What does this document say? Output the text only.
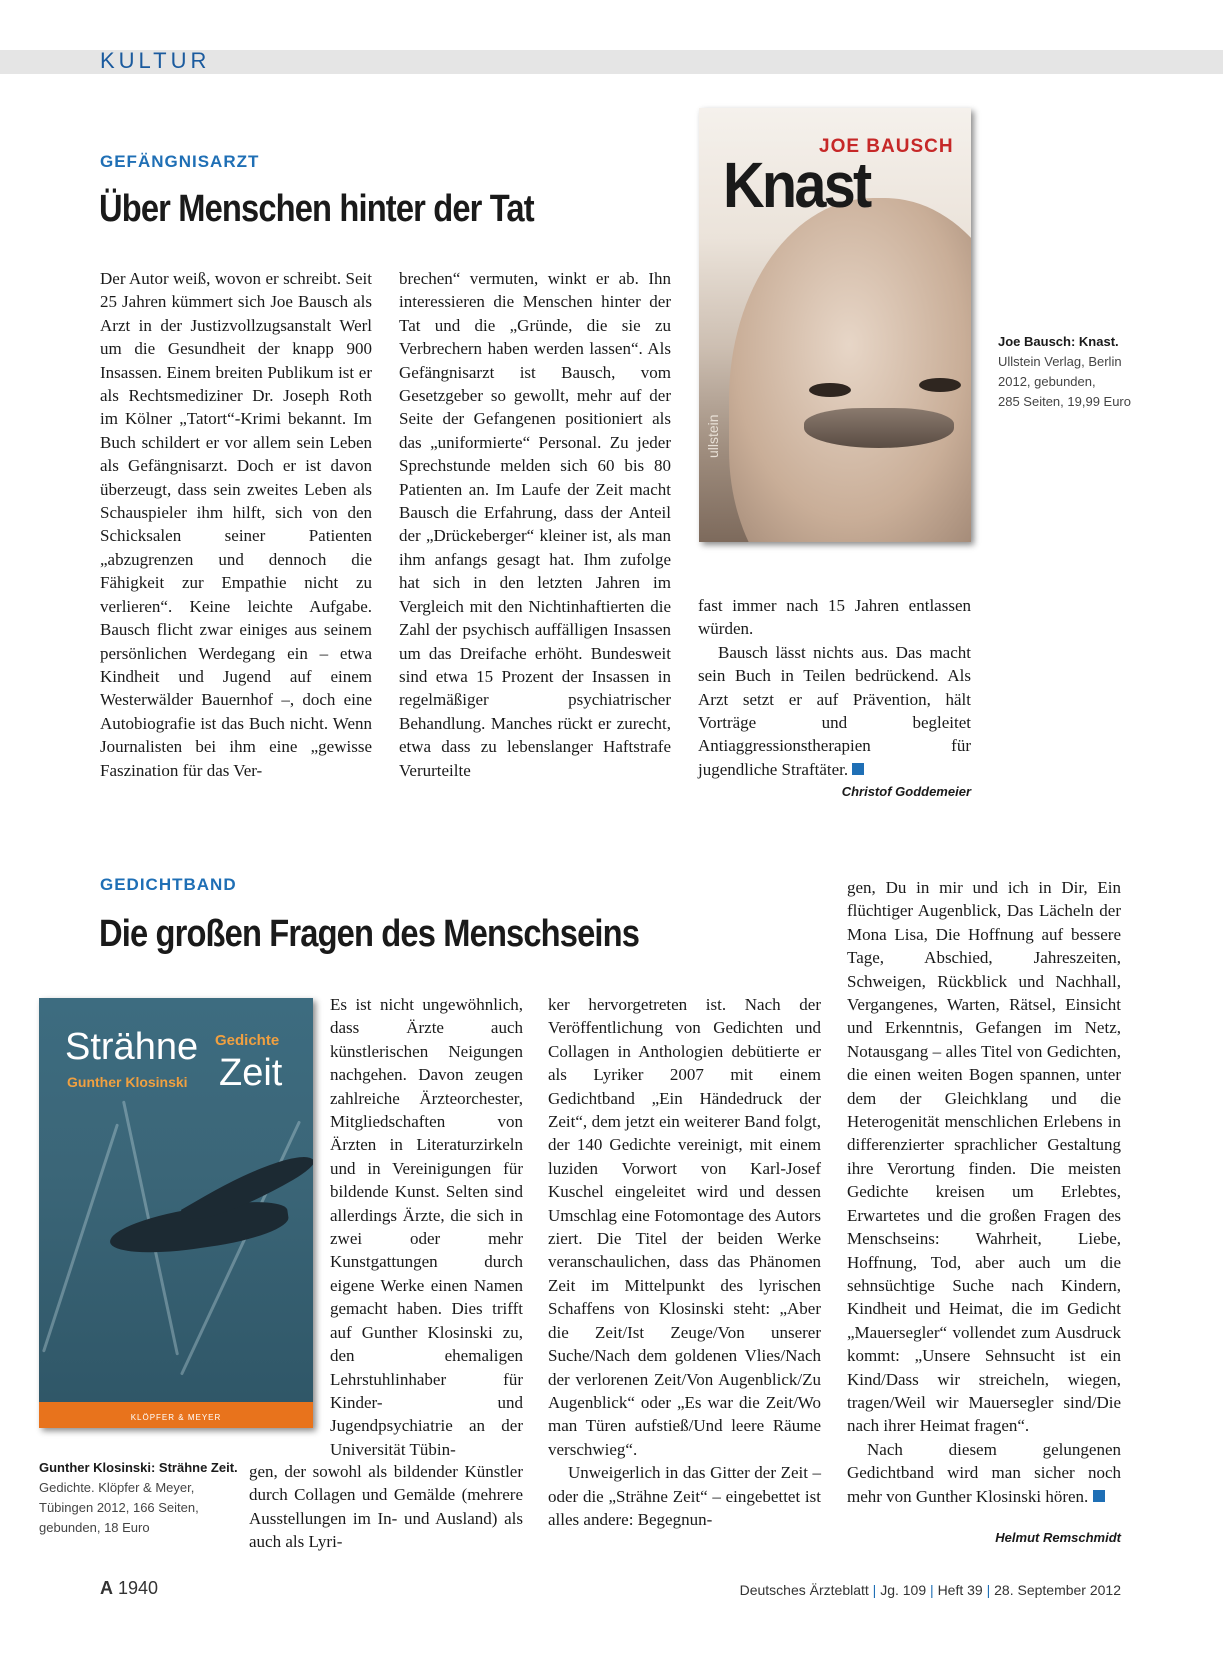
KULTUR
GEFÄNGNISARZT
Über Menschen hinter der Tat

Der Autor weiß, wovon er schreibt. Seit 25 Jahren kümmert sich Joe Bausch als Arzt in der Justizvollzugsanstalt Werl um die Gesundheit der knapp 900 Insassen. Einem breiten Publikum ist er als Rechtsmediziner Dr. Joseph Roth im Kölner „Tatort“-Krimi bekannt. Im Buch schildert er vor allem sein Leben als Gefängnisarzt. Doch er ist davon überzeugt, dass sein zweites Leben als Schauspieler ihm hilft, sich von den Schicksalen seiner Patienten „abzugrenzen und dennoch die Fähigkeit zur Empathie nicht zu verlieren“. Keine leichte Aufgabe. Bausch flicht zwar einiges aus seinem persönlichen Werdegang ein – etwa Kindheit und Jugend auf einem Westerwälder Bauernhof –, doch eine Autobiografie ist das Buch nicht. Wenn Journalisten bei ihm eine „gewisse Faszination für das Ver-

brechen“ vermuten, winkt er ab. Ihn interessieren die Menschen hinter der Tat und die „Gründe, die sie zu Verbrechern haben werden lassen“. Als Gefängnisarzt ist Bausch, vom Gesetzgeber so gewollt, mehr auf der Seite der Gefangenen positioniert als das „uniformierte“ Personal. Zu jeder Sprechstunde melden sich 60 bis 80 Patienten an. Im Laufe der Zeit macht Bausch die Erfahrung, dass der Anteil der „Drückeberger“ kleiner ist, als man ihm anfangs gesagt hat. Ihm zufolge hat sich in den letzten Jahren im Vergleich mit den Nichtinhaftierten die Zahl der psychisch auffälligen Insassen um das Dreifache erhöht. Bundesweit sind etwa 15 Prozent der Insassen in regelmäßiger psychiatrischer Behandlung. Manches rückt er zurecht, etwa dass zu lebenslanger Haftstrafe Verurteilte

fast immer nach 15 Jahren entlassen würden.

Bausch lässt nichts aus. Das macht sein Buch in Teilen bedrückend. Als Arzt setzt er auf Prävention, hält Vorträge und begleitet Antiaggressionstherapien für jugendliche Straftäter.

Christof Goddemeier
JOE BAUSCH
Knast
ullstein
Joe Bausch: Knast.
Ullstein Verlag, Berlin
2012, gebunden,
285 Seiten, 19,99 Euro
GEDICHTBAND
Die großen Fragen des Menschseins
Strähne Gedichte
Zeit
Gunther Klosinski
KLÖPFER & MEYER
Gunther Klosinski: Strähne Zeit.
Gedichte. Klöpfer & Meyer,
Tübingen 2012, 166 Seiten,
gebunden, 18 Euro

Es ist nicht ungewöhnlich, dass Ärzte auch künstlerischen Neigungen nachgehen. Davon zeugen zahlreiche Ärzteorchester, Mitgliedschaften von Ärzten in Literaturzirkeln und in Vereinigungen für bildende Kunst. Selten sind allerdings Ärzte, die sich in zwei oder mehr Kunstgattungen durch eigene Werke einen Namen gemacht haben. Dies trifft auf Gunther Klosinski zu, den ehemaligen Lehrstuhlinhaber für Kinder- und Jugendpsychiatrie an der Universität Tübin-

gen, der sowohl als bildender Künstler durch Collagen und Gemälde (mehrere Ausstellungen im In- und Ausland) als auch als Lyri-

ker hervorgetreten ist. Nach der Veröffentlichung von Gedichten und Collagen in Anthologien debütierte er als Lyriker 2007 mit einem Gedichtband „Ein Händedruck der Zeit“, dem jetzt ein weiterer Band folgt, der 140 Gedichte vereinigt, mit einem luziden Vorwort von Karl-Josef Kuschel eingeleitet wird und dessen Umschlag eine Fotomontage des Autors ziert. Die Titel der beiden Werke veranschaulichen, dass das Phänomen Zeit im Mittelpunkt des lyrischen Schaffens von Klosinski steht: „Aber die Zeit/Ist Zeuge/Von unserer Suche/Nach dem goldenen Vlies/Nach der verlorenen Zeit/Von Augenblick/Zu Augenblick“ oder „Es war die Zeit/Wo man Türen aufstieß/Und leere Räume verschwieg“.

Unweigerlich in das Gitter der Zeit – oder die „Strähne Zeit“ – eingebettet ist alles andere: Begegnun-

gen, Du in mir und ich in Dir, Ein flüchtiger Augenblick, Das Lächeln der Mona Lisa, Die Hoffnung auf bessere Tage, Abschied, Jahreszeiten, Schweigen, Rückblick und Nachhall, Vergangenes, Warten, Rätsel, Einsicht und Erkenntnis, Gefangen im Netz, Notausgang – alles Titel von Gedichten, die einen weiten Bogen spannen, unter dem der Gleichklang und die Heterogenität menschlichen Erlebens in differenzierter sprachlicher Gestaltung ihre Verortung finden. Die meisten Gedichte kreisen um Erlebtes, Erwartetes und die großen Fragen des Menschseins: Wahrheit, Liebe, Hoffnung, Tod, aber auch um die sehnsüchtige Suche nach Kindern, Kindheit und Heimat, die im Gedicht „Mauersegler“ vollendet zum Ausdruck kommt: „Unsere Sehnsucht ist ein Kind/Dass wir streicheln, wiegen, tragen/Weil wir Mauersegler sind/Die nach ihrer Heimat fragen“.

Nach diesem gelungenen Gedichtband wird man sicher noch mehr von Gunther Klosinski hören.

Helmut Remschmidt
A 1940	Deutsches Ärzteblatt | Jg. 109 | Heft 39 | 28. September 2012
